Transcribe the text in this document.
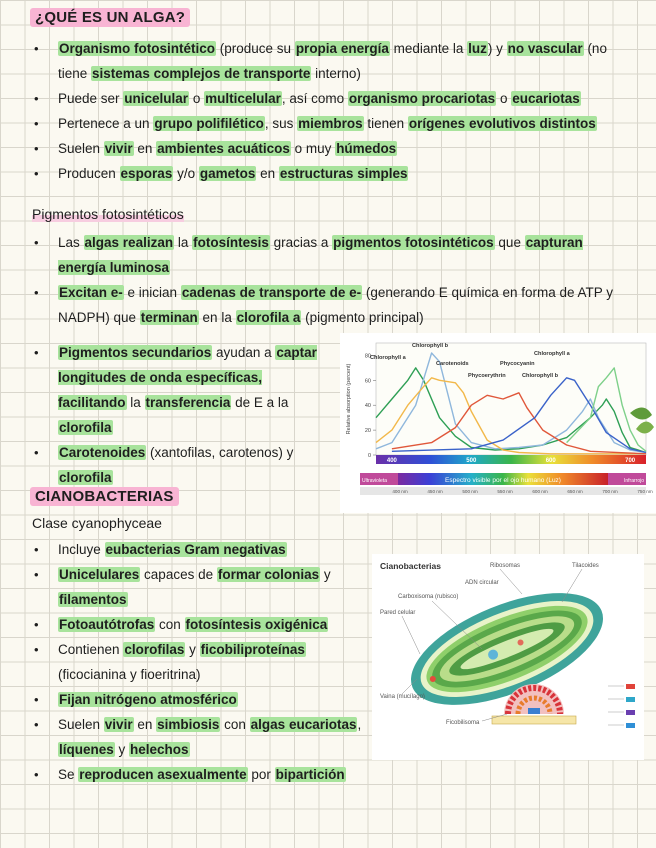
¿QUÉ ES UN ALGA?
• Organismo fotosintético (produce su propia energía mediante la luz) y no vascular (no tiene sistemas complejos de transporte interno)
• Puede ser unicelular o multicelular, así como organismo procariotas o eucariotas
• Pertenece a un grupo polifilético, sus miembros tienen orígenes evolutivos distintos
• Suelen vivir en ambientes acuáticos o muy húmedos
• Producen esporas y/o gametos en estructuras simples
Pigmentos fotosintéticos
• Las algas realizan la fotosíntesis gracias a pigmentos fotosintéticos que capturan energía luminosa
• Excitan e- e inician cadenas de transporte de e- (generando E química en forma de ATP y NADPH) que terminan en la clorofila a (pigmento principal)
• Pigmentos secundarios ayudan a captar longitudes de onda específicas, facilitando la transferencia de E a la clorofila
• Carotenoides (xantofilas, carotenos) y clorofila
0
20
40
60
80
Relative absorption (percent)
400	500	600	700
Chlorophyll b
Chlorophyll a
Carotenoids	Phycocyanin
Phycoerythrin
Chlorophyll a
Chlorophyll b
Espectro visible por el ojo humano (Luz)
Ultravioleta	Infrarrojo
400 nm	450 nm	500 nm	550 nm	600 nm	650 nm	700 nm	750 nm
CIANOBACTERIAS
Clase cyanophyceae
• Incluye eubacterias Gram negativas
• Unicelulares capaces de formar colonias y filamentos
• Fotoautótrofas con fotosíntesis oxigénica
• Contienen clorofilas y ficobiliproteínas (ficocianina y fioeritrina)
• Fijan nitrógeno atmosférico
• Suelen vivir en simbiosis con algas eucariotas, líquenes y helechos
• Se reproducen asexualmente por bipartición
Cianobacterias	Ribosomas	Tilacoides
ADN circular
Carboxisoma (rubisco)
Pared celular
Vaina (mucílago)
Ficobilisoma
